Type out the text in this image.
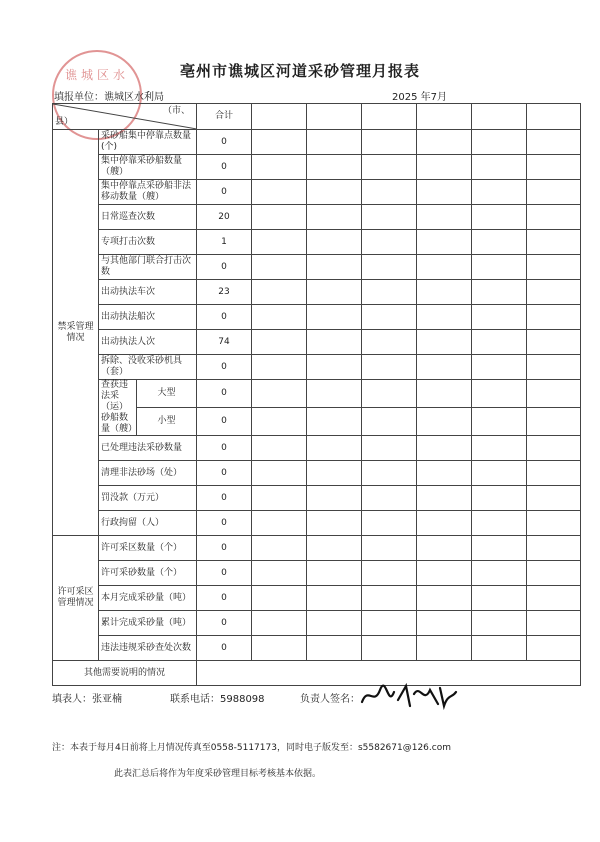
谯城区水	亳州市谯城区河道采砂管理月报表
填报单位：谯城区水利局	2025 年7月
（市、
县）			合计						
禁采管理情况	采砂船集中停靠点数量(个)		0						
	集中停靠采砂船数量（艘）		0						
	集中停靠点采砂船非法移动数量（艘）		0						
	日常巡查次数		20						
	专项打击次数		1						
	与其他部门联合打击次数		0						
	出动执法车次		23						
	出动执法船次		0						
	出动执法人次		74						
	拆除、没收采砂机具（套）		0						
	查获违法采（运）砂船数量（艘）	大型	0						
		小型	0						
	已处理违法采砂数量		0						
	清理非法砂场（处）		0						
	罚没款（万元）		0						
	行政拘留（人）		0						
许可采区管理情况	许可采区数量（个）		0						
	许可采砂数量（个）		0						
	本月完成采砂量（吨）		0						
	累计完成采砂量（吨）		0						
	违法违规采砂查处次数		0						
其他需要说明的情况									
填表人：张亚楠	联系电话：5988098	负责人签名：
注：本表于每月4日前将上月情况传真至0558-5117173，同时电子版发至：s5582671@126.com
此表汇总后将作为年度采砂管理目标考核基本依据。
